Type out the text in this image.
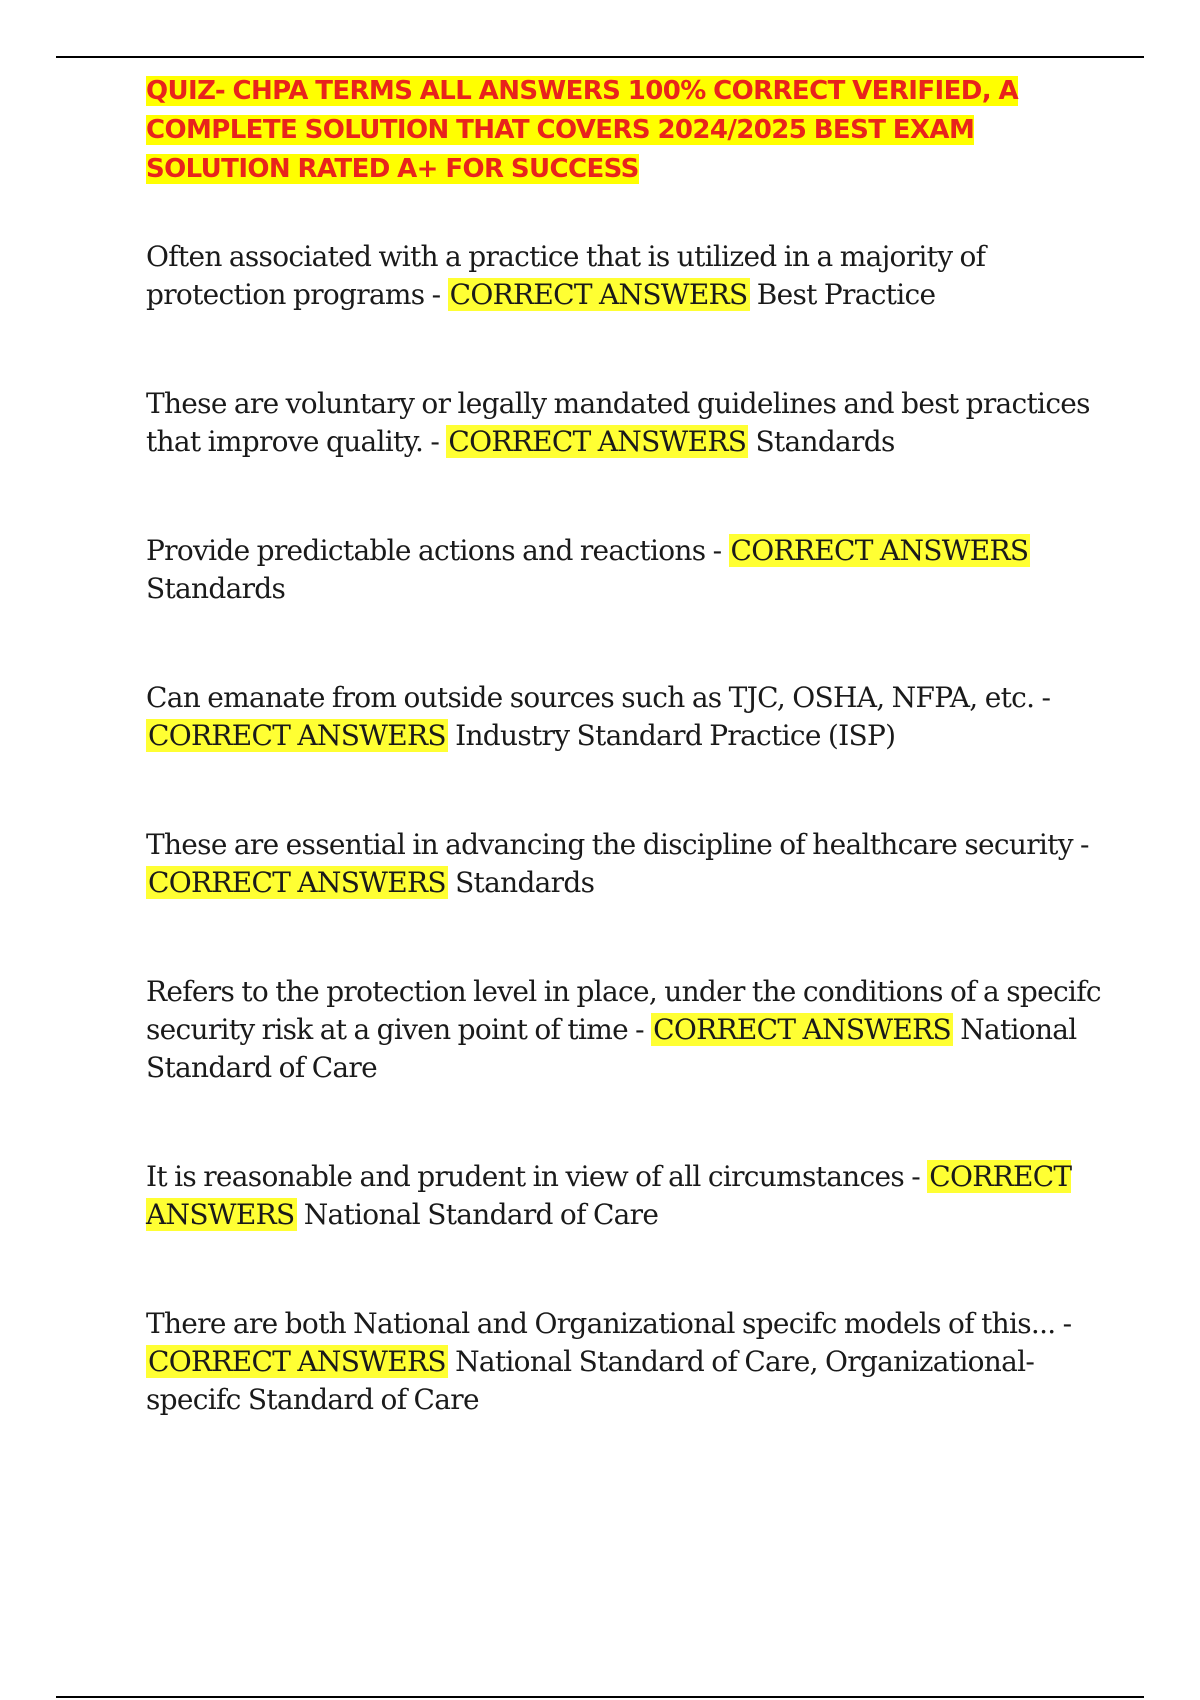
QUIZ- CHPA TERMS ALL ANSWERS 100% CORRECT VERIFIED, A COMPLETE SOLUTION THAT COVERS 2024/2025 BEST EXAM SOLUTION RATED A+ FOR SUCCESS

Often associated with a practice that is utilized in a majority of protection programs - CORRECT ANSWERS Best Practice

These are voluntary or legally mandated guidelines and best practices that improve quality. - CORRECT ANSWERS Standards

Provide predictable actions and reactions - CORRECT ANSWERS Standards

Can emanate from outside sources such as TJC, OSHA, NFPA, etc. - CORRECT ANSWERS Industry Standard Practice (ISP)

These are essential in advancing the discipline of healthcare security - CORRECT ANSWERS Standards

Refers to the protection level in place, under the conditions of a specifc security risk at a given point of time - CORRECT ANSWERS National Standard of Care

It is reasonable and prudent in view of all circumstances - CORRECT ANSWERS National Standard of Care

There are both National and Organizational specifc models of this... - CORRECT ANSWERS National Standard of Care, Organizational-specifc Standard of Care
